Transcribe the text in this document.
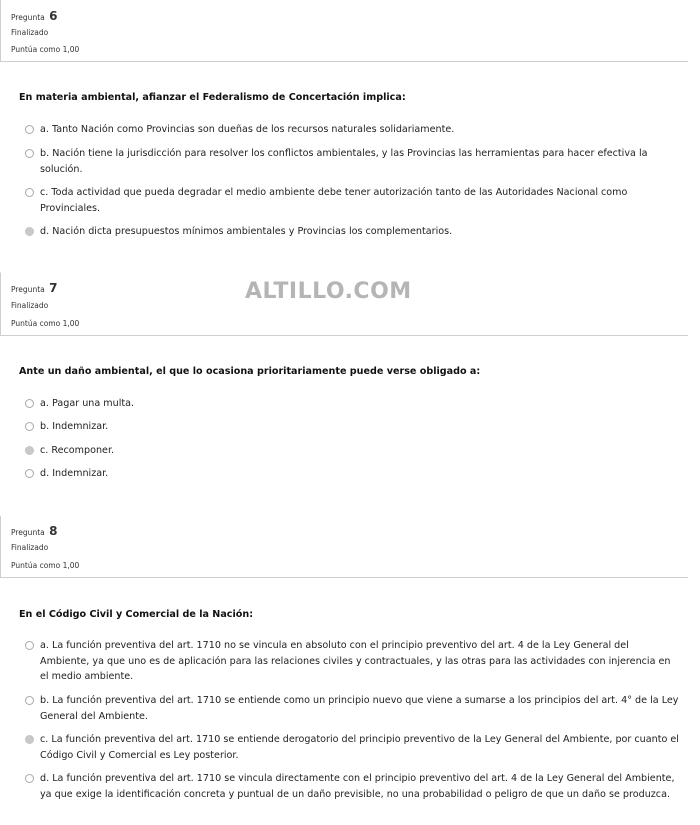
Pregunta 6
Finalizado
Puntúa como 1,00
En materia ambiental, afianzar el Federalismo de Concertación implica:
a. Tanto Nación como Provincias son dueñas de los recursos naturales solidariamente.
b. Nación tiene la jurisdicción para resolver los conflictos ambientales, y las Provincias las herramientas para hacer efectiva la solución.
c. Toda actividad que pueda degradar el medio ambiente debe tener autorización tanto de las Autoridades Nacional como Provinciales.
d. Nación dicta presupuestos mínimos ambientales y Provincias los complementarios.
Pregunta 7
Finalizado
Puntúa como 1,00
ALTILLO.COM
Ante un daño ambiental, el que lo ocasiona prioritariamente puede verse obligado a:
a. Pagar una multa.
b. Indemnizar.
c. Recomponer.
d. Indemnizar.
Pregunta 8
Finalizado
Puntúa como 1,00
En el Código Civil y Comercial de la Nación:
a. La función preventiva del art. 1710 no se vincula en absoluto con el principio preventivo del art. 4 de la Ley General del Ambiente, ya que uno es de aplicación para las relaciones civiles y contractuales, y las otras para las actividades con injerencia en el medio ambiente.
b. La función preventiva del art. 1710 se entiende como un principio nuevo que viene a sumarse a los principios del art. 4° de la Ley General del Ambiente.
c. La función preventiva del art. 1710 se entiende derogatorio del principio preventivo de la Ley General del Ambiente, por cuanto el Código Civil y Comercial es Ley posterior.
d. La función preventiva del art. 1710 se vincula directamente con el principio preventivo del art. 4 de la Ley General del Ambiente, ya que exige la identificación concreta y puntual de un daño previsible, no una probabilidad o peligro de que un daño se produzca.
